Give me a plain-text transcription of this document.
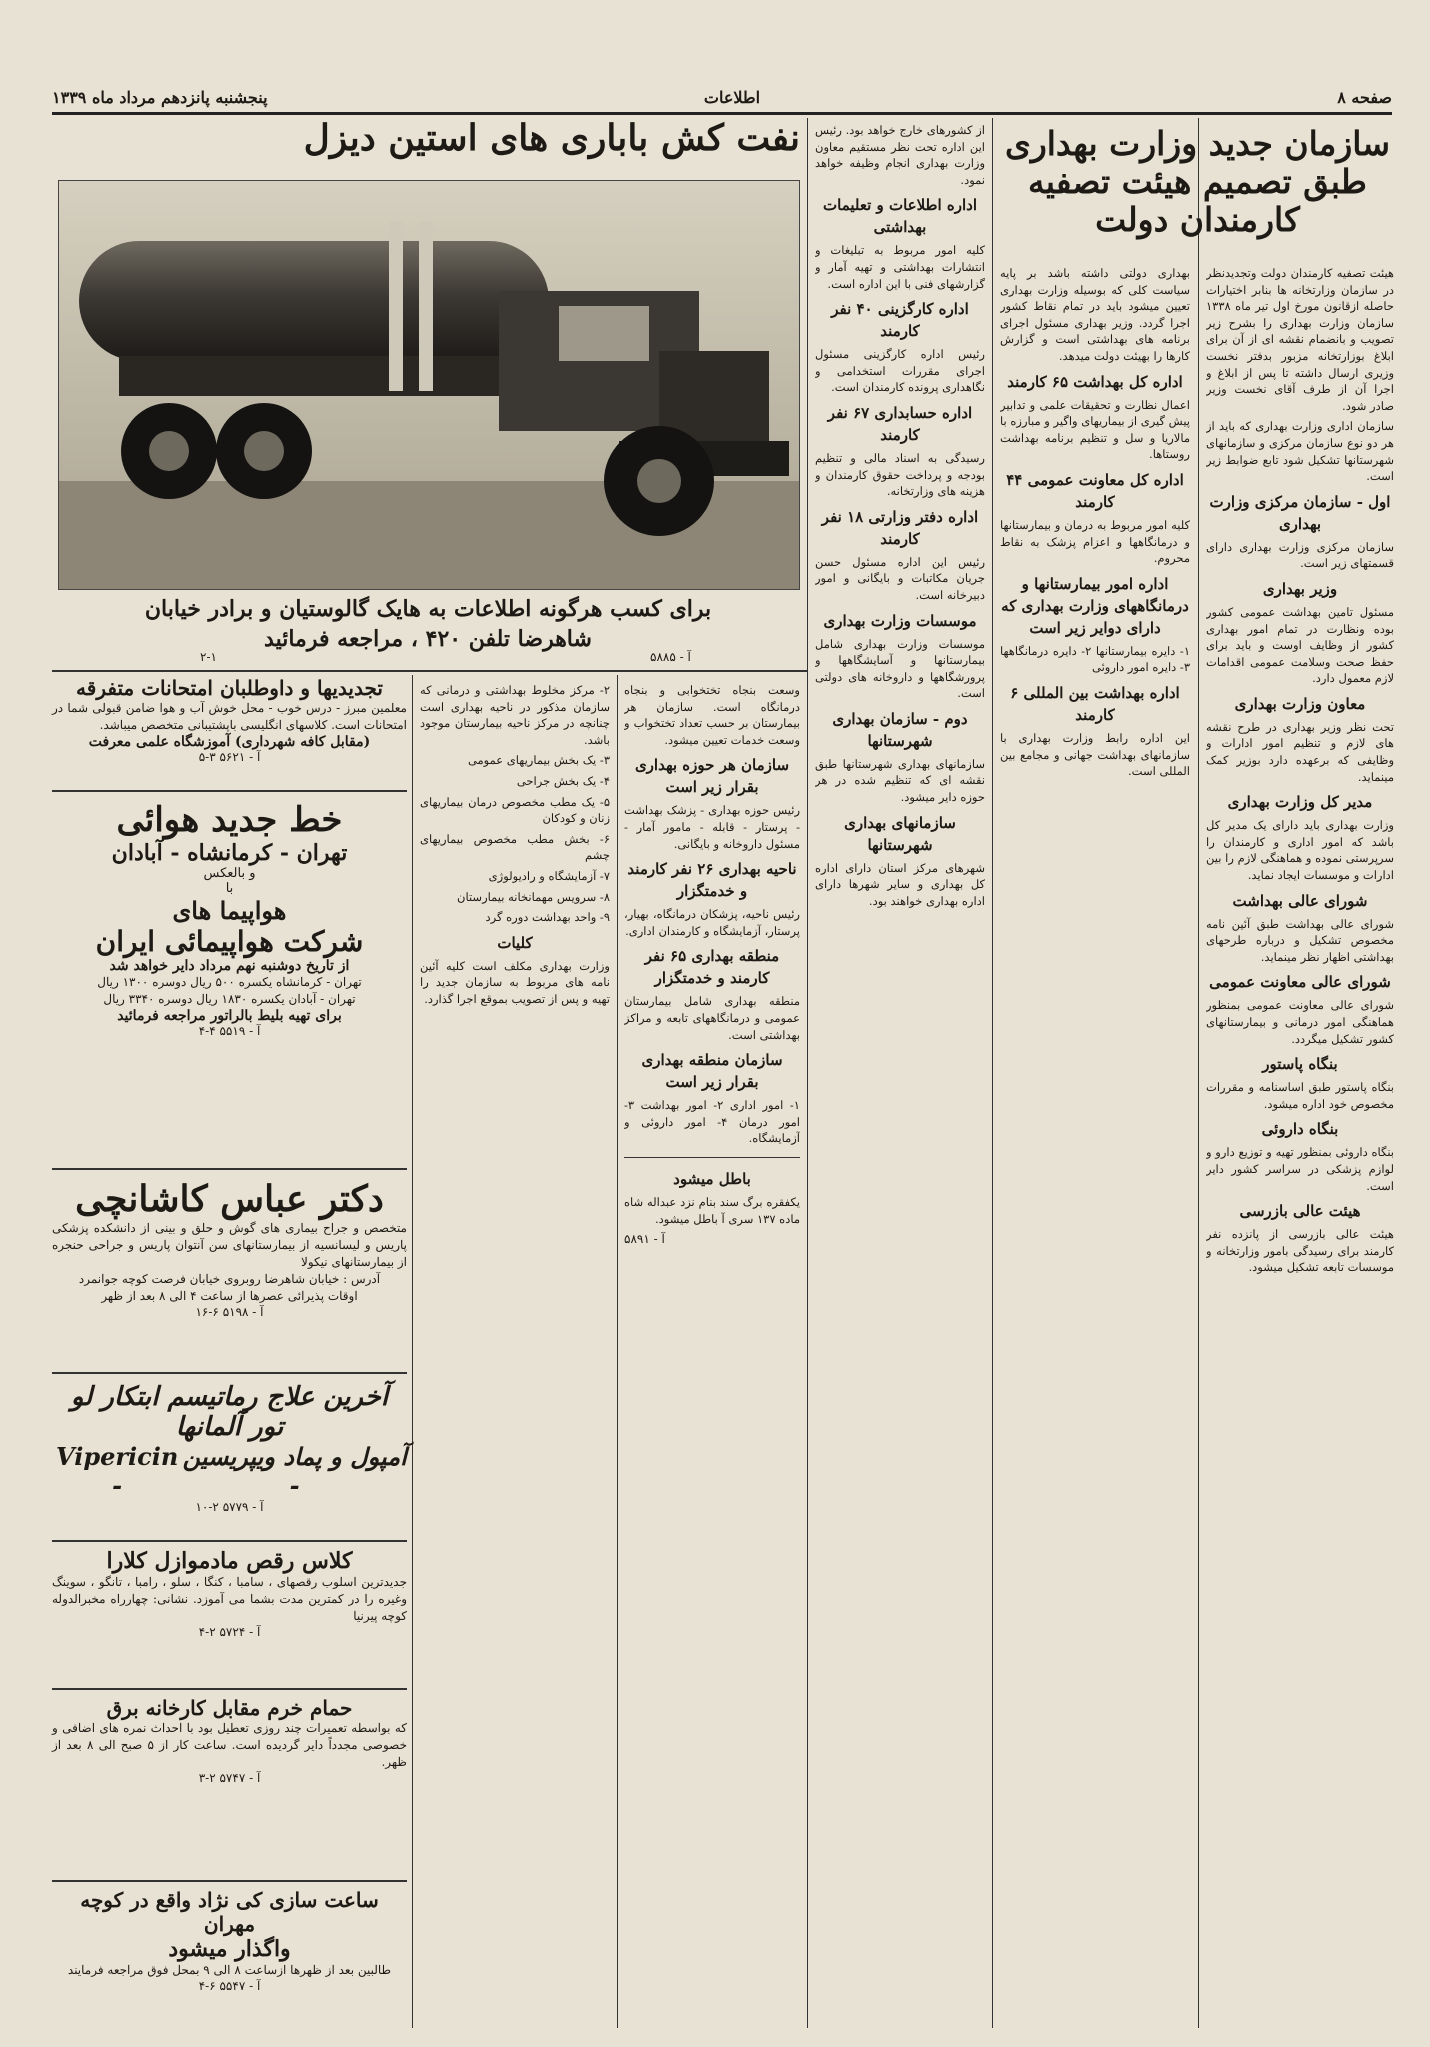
صفحه ۸
اطلاعات
پنجشنبه پانزدهم مرداد ماه ۱۳۳۹
سازمان جدید وزارت بهداری طبق تصمیم هیئت تصفیه کارمندان دولت

هیئت تصفیه کارمندان دولت وتجدیدنظر در سازمان وزارتخانه ها بنابر اختیارات حاصله ازقانون مورخ اول تیر ماه ۱۳۳۸ سازمان وزارت بهداری را بشرح زیر تصویب و بانضمام نقشه ای از آن برای ابلاغ بوزارتخانه مزبور بدفتر نخست وزیری ارسال داشته تا پس از ابلاغ و اجرا آن از طرف آقای نخست وزیر صادر شود.

سازمان اداری وزارت بهداری که باید از هر دو نوع سازمان مرکزی و سازمانهای شهرستانها تشکیل شود تابع ضوابط زیر است.

اول - سازمان مرکزی وزارت بهداری

سازمان مرکزی وزارت بهداری دارای قسمتهای زیر است.

وزیر بهداری

مسئول تامین بهداشت عمومی کشور بوده ونظارت در تمام امور بهداری کشور از وظایف اوست و باید برای حفظ صحت وسلامت عمومی اقدامات لازم معمول دارد.

معاون وزارت بهداری

تحت نظر وزیر بهداری در طرح نقشه های لازم و تنظیم امور ادارات و وظایفی که برعهده دارد بوزیر کمک مینماید.

مدیر کل وزارت بهداری

وزارت بهداری باید دارای یک مدیر کل باشد که امور اداری و کارمندان را سرپرستی نموده و هماهنگی لازم را بین ادارات و موسسات ایجاد نماید.

شورای عالی بهداشت

شورای عالی بهداشت طبق آئین نامه مخصوص تشکیل و درباره طرحهای بهداشتی اظهار نظر مینماید.

شورای عالی معاونت عمومی

شورای عالی معاونت عمومی بمنظور هماهنگی امور درمانی و بیمارستانهای کشور تشکیل میگردد.

بنگاه پاستور

بنگاه پاستور طبق اساسنامه و مقررات مخصوص خود اداره میشود.

بنگاه داروئی

بنگاه داروئی بمنظور تهیه و توزیع دارو و لوازم پزشکی در سراسر کشور دایر است.

هیئت عالی بازرسی

هیئت عالی بازرسی از پانزده نفر کارمند برای رسیدگی بامور وزارتخانه و موسسات تابعه تشکیل میشود.

بهداری دولتی داشته باشد بر پایه سیاست کلی که بوسیله وزارت بهداری تعیین میشود باید در تمام نقاط کشور اجرا گردد. وزیر بهداری مسئول اجرای برنامه های بهداشتی است و گزارش کارها را بهیئت دولت میدهد.

اداره کل بهداشت ۶۵ کارمند

اعمال نظارت و تحقیقات علمی و تدابیر پیش گیری از بیماریهای واگیر و مبارزه با مالاریا و سل و تنظیم برنامه بهداشت روستاها.

اداره کل معاونت عمومی ۴۴ کارمند

کلیه امور مربوط به درمان و بیمارستانها و درمانگاهها و اعزام پزشک به نقاط محروم.

اداره امور بیمارستانها و درمانگاههای وزارت بهداری که دارای دوایر زیر است

۱- دایره بیمارستانها ۲- دایره درمانگاهها ۳- دایره امور داروئی

اداره بهداشت بین المللی ۶ کارمند

این اداره رابط وزارت بهداری با سازمانهای بهداشت جهانی و مجامع بین المللی است.

از کشورهای خارج خواهد بود. رئیس این اداره تحت نظر مستقیم معاون وزارت بهداری انجام وظیفه خواهد نمود.

اداره اطلاعات و تعلیمات بهداشتی

کلیه امور مربوط به تبلیغات و انتشارات بهداشتی و تهیه آمار و گزارشهای فنی با این اداره است.

اداره کارگزینی ۴۰ نفر کارمند

رئیس اداره کارگزینی مسئول اجرای مقررات استخدامی و نگاهداری پرونده کارمندان است.

اداره حسابداری ۶۷ نفر کارمند

رسیدگی به اسناد مالی و تنظیم بودجه و پرداخت حقوق کارمندان و هزینه های وزارتخانه.

اداره دفتر وزارتی ۱۸ نفر کارمند

رئیس این اداره مسئول حسن جریان مکاتبات و بایگانی و امور دبیرخانه است.

موسسات وزارت بهداری

موسسات وزارت بهداری شامل بیمارستانها و آسایشگاهها و پرورشگاهها و داروخانه های دولتی است.

دوم - سازمان بهداری شهرستانها

سازمانهای بهداری شهرستانها طبق نقشه ای که تنظیم شده در هر حوزه دایر میشود.

سازمانهای بهداری شهرستانها

شهرهای مرکز استان دارای اداره کل بهداری و سایر شهرها دارای اداره بهداری خواهند بود.

وسعت بنجاه تختخوابی و بنجاه درمانگاه است. سازمان هر بیمارستان بر حسب تعداد تختخواب و وسعت خدمات تعیین میشود.

سازمان هر حوزه بهداری بقرار زیر است

رئیس حوزه بهداری - پزشک بهداشت - پرستار - قابله - مامور آمار - مسئول داروخانه و بایگانی.

ناحیه بهداری ۲۶ نفر کارمند و خدمتگزار

رئیس ناحیه، پزشکان درمانگاه، بهیار، پرستار، آزمایشگاه و کارمندان اداری.

منطقه بهداری ۶۵ نفر کارمند و خدمتگزار

منطقه بهداری شامل بیمارستان عمومی و درمانگاههای تابعه و مراکز بهداشتی است.

سازمان منطقه بهداری بقرار زیر است

۱- امور اداری ۲- امور بهداشت ۳- امور درمان ۴- امور داروئی و آزمایشگاه.

باطل میشود

یکفقره برگ سند بنام نزد عبداله شاه ماده ۱۳۷ سری آ باطل میشود.

آ - ۵۸۹۱

۲- مرکز مخلوط بهداشتی و درمانی که سازمان مذکور در ناحیه بهداری است چنانچه در مرکز ناحیه بیمارستان موجود باشد.

۳- یک بخش بیماریهای عمومی

۴- یک بخش جراحی

۵- یک مطب مخصوص درمان بیماریهای زنان و کودکان

۶- بخش مطب مخصوص بیماریهای چشم

۷- آزمایشگاه و رادیولوژی

۸- سرویس مهمانخانه بیمارستان

۹- واحد بهداشت دوره گرد

کلیات

وزارت بهداری مکلف است کلیه آئین نامه های مربوط به سازمان جدید را تهیه و پس از تصویب بموقع اجرا گذارد.

نفت کش باباری های استین دیزل
برای کسب هرگونه اطلاعات به هایک گالوستیان و برادر خیابان
شاهرضا تلفن ۴۲۰ ، مراجعه فرمائید
۲-۱	آ - ۵۸۸۵
تجدیدیها و داوطلبان امتحانات متفرقه
معلمین مبرز - درس خوب - محل خوش آب و هوا ضامن قبولی شما در امتحانات است. کلاسهای انگلیسی باپشتیبانی متخصص میباشد.
(مقابل کافه شهرداری) آموزشگاه علمی معرفت
آ - ۵۶۲۱ ۳-۵
خط جدید هوائی
تهران - کرمانشاه - آبادان
و بالعکس
با
هواپیما های
شرکت هواپیمائی ایران
از تاریخ دوشنبه نهم مرداد دایر خواهد شد
تهران - کرمانشاه یکسره ۵۰۰ ریال دوسره ۱۳۰۰ ریال
تهران - آبادان یکسره ۱۸۳۰ ریال دوسره ۳۳۴۰ ریال
برای تهیه بلیط بالراتور مراجعه فرمائید
آ - ۵۵۱۹ ۴-۴
دکتر عباس کاشانچی
متخصص و جراح بیماری های گوش و حلق و بینی از دانشکده پزشکی پاریس و لیسانسیه از بیمارستانهای سن آنتوان پاریس و جراحی حنجره از بیمارستانهای نیکولا
آدرس : خیابان شاهرضا روبروی خیابان فرصت کوچه جوانمرد
اوقات پذیرائی عصرها از ساعت ۴ الی ۸ بعد از ظهر
آ - ۵۱۹۸ ۶-۱۶
آخرین علاج رماتیسم ابتکار لو تور آلمانها
آمپول و پماد ویپریسین -
Vipericin -
آ - ۵۷۷۹ ۲-۱۰
کلاس رقص مادموازل کلارا
جدیدترین اسلوب رقصهای ، سامبا ، کنگا ، سلو ، رامبا ، تانگو ، سوینگ وغیره را در کمترین مدت بشما می آموزد. نشانی: چهارراه مخبرالدوله کوچه پیرنیا
آ - ۵۷۲۴ ۲-۴
حمام خرم مقابل کارخانه برق
که بواسطه تعمیرات چند روزی تعطیل بود با احداث نمره های اضافی و خصوصی مجدداً دایر گردیده است. ساعت کار از ۵ صبح الی ۸ بعد از ظهر.
آ - ۵۷۴۷ ۲-۳
ساعت سازی کی نژاد واقع در کوچه مهران
واگذار میشود
طالبین بعد از ظهرها ازساعت ۸ الی ۹ بمحل فوق مراجعه فرمایند
آ - ۵۵۴۷ ۶-۴
